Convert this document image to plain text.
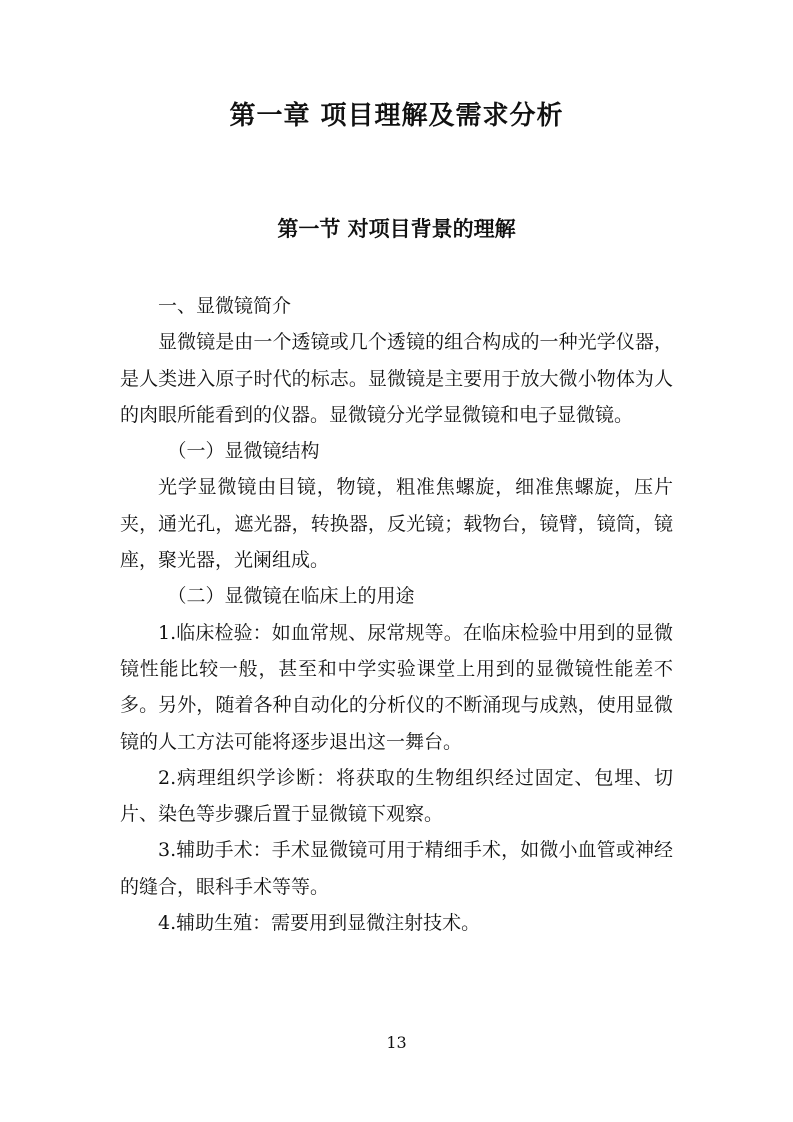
第一章 项目理解及需求分析
第一节 对项目背景的理解

一、显微镜简介

显微镜是由一个透镜或几个透镜的组合构成的一种光学仪器，是人类进入原子时代的标志。显微镜是主要用于放大微小物体为人的肉眼所能看到的仪器。显微镜分光学显微镜和电子显微镜。

（一）显微镜结构

光学显微镜由目镜，物镜，粗准焦螺旋，细准焦螺旋，压片夹，通光孔，遮光器，转换器，反光镜；载物台，镜臂，镜筒，镜座，聚光器，光阑组成。

（二）显微镜在临床上的用途

1.临床检验：如血常规、尿常规等。在临床检验中用到的显微镜性能比较一般，甚至和中学实验课堂上用到的显微镜性能差不多。另外，随着各种自动化的分析仪的不断涌现与成熟，使用显微镜的人工方法可能将逐步退出这一舞台。

2.病理组织学诊断：将获取的生物组织经过固定、包埋、切片、染色等步骤后置于显微镜下观察。

3.辅助手术：手术显微镜可用于精细手术，如微小血管或神经的缝合，眼科手术等等。

4.辅助生殖：需要用到显微注射技术。

13
